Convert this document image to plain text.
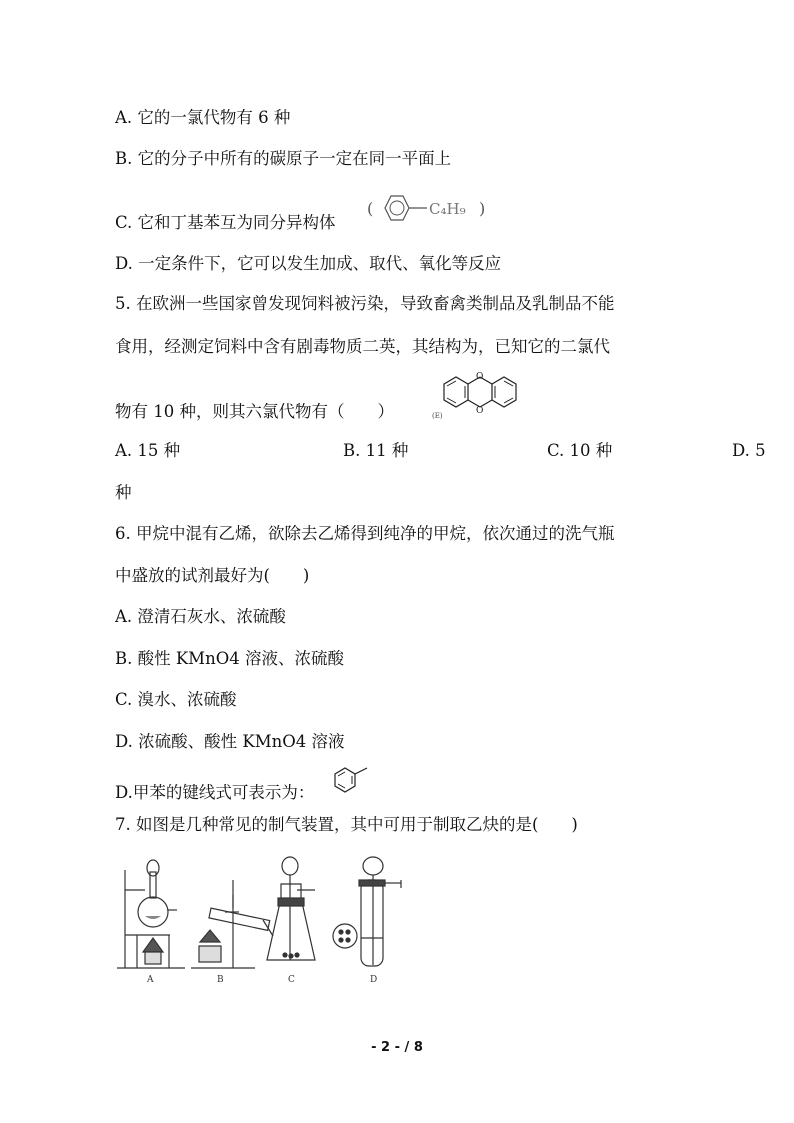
A. 它的一氯代物有 6 种
B. 它的分子中所有的碳原子一定在同一平面上
C. 它和丁基苯互为同分异构体
(	C₄H₉ )
D. 一定条件下，它可以发生加成、取代、氧化等反应
5. 在欧洲一些国家曾发现饲料被污染，导致畜禽类制品及乳制品不能
食用，经测定饲料中含有剧毒物质二英，其结构为，已知它的二氯代
物有 10 种，则其六氯代物有（　　）
O
O
(E)
A. 15 种	B. 11 种	C. 10 种	D. 5
种
6. 甲烷中混有乙烯，欲除去乙烯得到纯净的甲烷，依次通过的洗气瓶
中盛放的试剂最好为(　　)
A. 澄清石灰水、浓硫酸
B. 酸性 KMnO4 溶液、浓硫酸
C. 溴水、浓硫酸
D. 浓硫酸、酸性 KMnO4 溶液
D.甲苯的键线式可表示为：
7. 如图是几种常见的制气装置，其中可用于制取乙炔的是(　　)
A	B	C	D
- 2 - / 8
